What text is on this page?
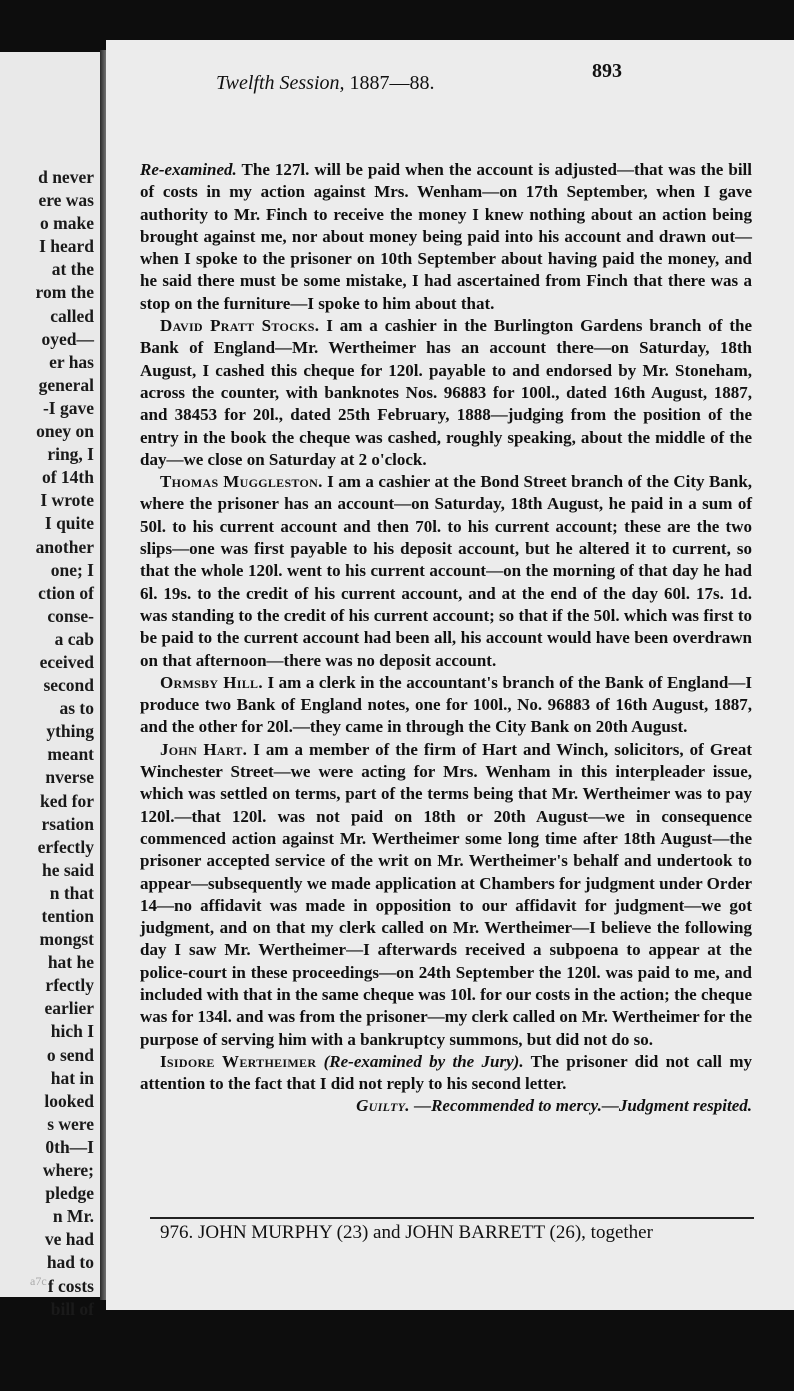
d never
ere was
o make
I heard
at the
rom the
called
oyed—
er has
general
-I gave
oney on
ring, I
of 14th
I wrote
I quite
another
one; I
ction of
conse-
a cab
eceived
second
as to
ything
meant
nverse
ked for
rsation
erfectly
he said
n that
tention
mongst
hat he
rfectly
earlier
hich I
o send
hat in
looked
s were
0th—I
where;
pledge
n Mr.
ve had
had to
f costs
bill of
a7c
Twelfth Session, 1887—88.
893

Re-examined. The 127l. will be paid when the account is adjusted—that was the bill of costs in my action against Mrs. Wenham—on 17th September, when I gave authority to Mr. Finch to receive the money I knew nothing about an action being brought against me, nor about money being paid into his account and drawn out—when I spoke to the prisoner on 10th September about having paid the money, and he said there must be some mistake, I had ascertained from Finch that there was a stop on the furniture—I spoke to him about that.

David Pratt Stocks. I am a cashier in the Burlington Gardens branch of the Bank of England—Mr. Wertheimer has an account there—on Saturday, 18th August, I cashed this cheque for 120l. payable to and endorsed by Mr. Stoneham, across the counter, with banknotes Nos. 96883 for 100l., dated 16th August, 1887, and 38453 for 20l., dated 25th February, 1888—judging from the position of the entry in the book the cheque was cashed, roughly speaking, about the middle of the day—we close on Saturday at 2 o'clock.

Thomas Muggleston. I am a cashier at the Bond Street branch of the City Bank, where the prisoner has an account—on Saturday, 18th August, he paid in a sum of 50l. to his current account and then 70l. to his current account; these are the two slips—one was first payable to his deposit account, but he altered it to current, so that the whole 120l. went to his current account—on the morning of that day he had 6l. 19s. to the credit of his current account, and at the end of the day 60l. 17s. 1d. was standing to the credit of his current account; so that if the 50l. which was first to be paid to the current account had been all, his account would have been overdrawn on that afternoon—there was no deposit account.

Ormsby Hill. I am a clerk in the accountant's branch of the Bank of England—I produce two Bank of England notes, one for 100l., No. 96883 of 16th August, 1887, and the other for 20l.—they came in through the City Bank on 20th August.

John Hart. I am a member of the firm of Hart and Winch, solicitors, of Great Winchester Street—we were acting for Mrs. Wenham in this interpleader issue, which was settled on terms, part of the terms being that Mr. Wertheimer was to pay 120l.—that 120l. was not paid on 18th or 20th August—we in consequence commenced action against Mr. Wertheimer some long time after 18th August—the prisoner accepted service of the writ on Mr. Wertheimer's behalf and undertook to appear—subsequently we made application at Chambers for judgment under Order 14—no affidavit was made in opposition to our affidavit for judgment—we got judgment, and on that my clerk called on Mr. Wertheimer—I believe the following day I saw Mr. Wertheimer—I afterwards received a subpoena to appear at the police-court in these proceedings—on 24th September the 120l. was paid to me, and included with that in the same cheque was 10l. for our costs in the action; the cheque was for 134l. and was from the prisoner—my clerk called on Mr. Wertheimer for the purpose of serving him with a bankruptcy summons, but did not do so.

Isidore Wertheimer (Re-examined by the Jury). The prisoner did not call my attention to the fact that I did not reply to his second letter.

Guilty. —Recommended to mercy.—Judgment respited.

976. JOHN MURPHY (23) and JOHN BARRETT (26), together
